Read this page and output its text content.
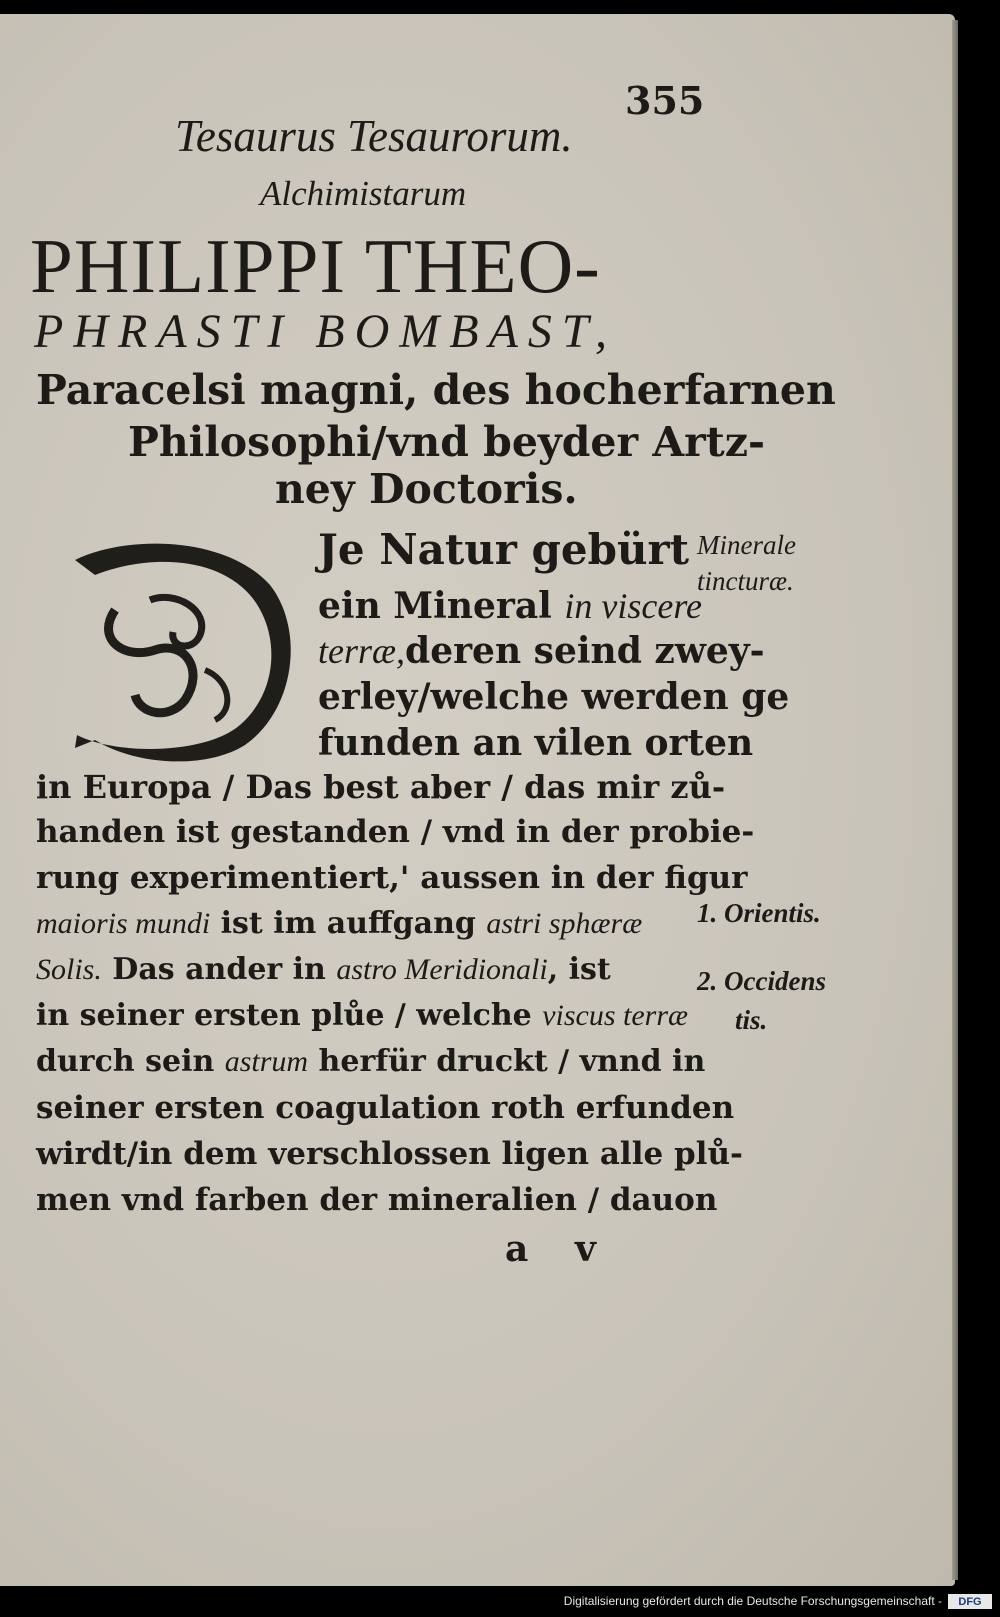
355
Tesaurus Tesaurorum.
Alchimistarum
PHILIPPI THEO-
PHRASTI BOMBAST,
Paracelsi magni, des hocherfarnen
Philosophi/vnd beyder Artz-
ney Doctoris.
Je Natur gebürt
ein Mineral in viscere
terræ,deren seind zwey-
erley/welche werden ge
funden an vilen orten
in Europa / Das best aber / das mir zů-
handen ist gestanden / vnd in der probie-
rung experimentiert,' aussen in der figur
maioris mundi ist im auffgang astri sphæræ
Solis. Das ander in astro Meridionali, ist
in seiner ersten plůe / welche viscus terræ
durch sein astrum herfür druckt / vnnd in
seiner ersten coagulation roth erfunden
wirdt/in dem verschlossen ligen alle plů-
men vnd farben der mineralien / dauon
Minerale
tincturæ.
1. Orientis.
2. Occidens
tis.
a v
Digitalisierung gefördert durch die Deutsche Forschungsgemeinschaft -	DFG
